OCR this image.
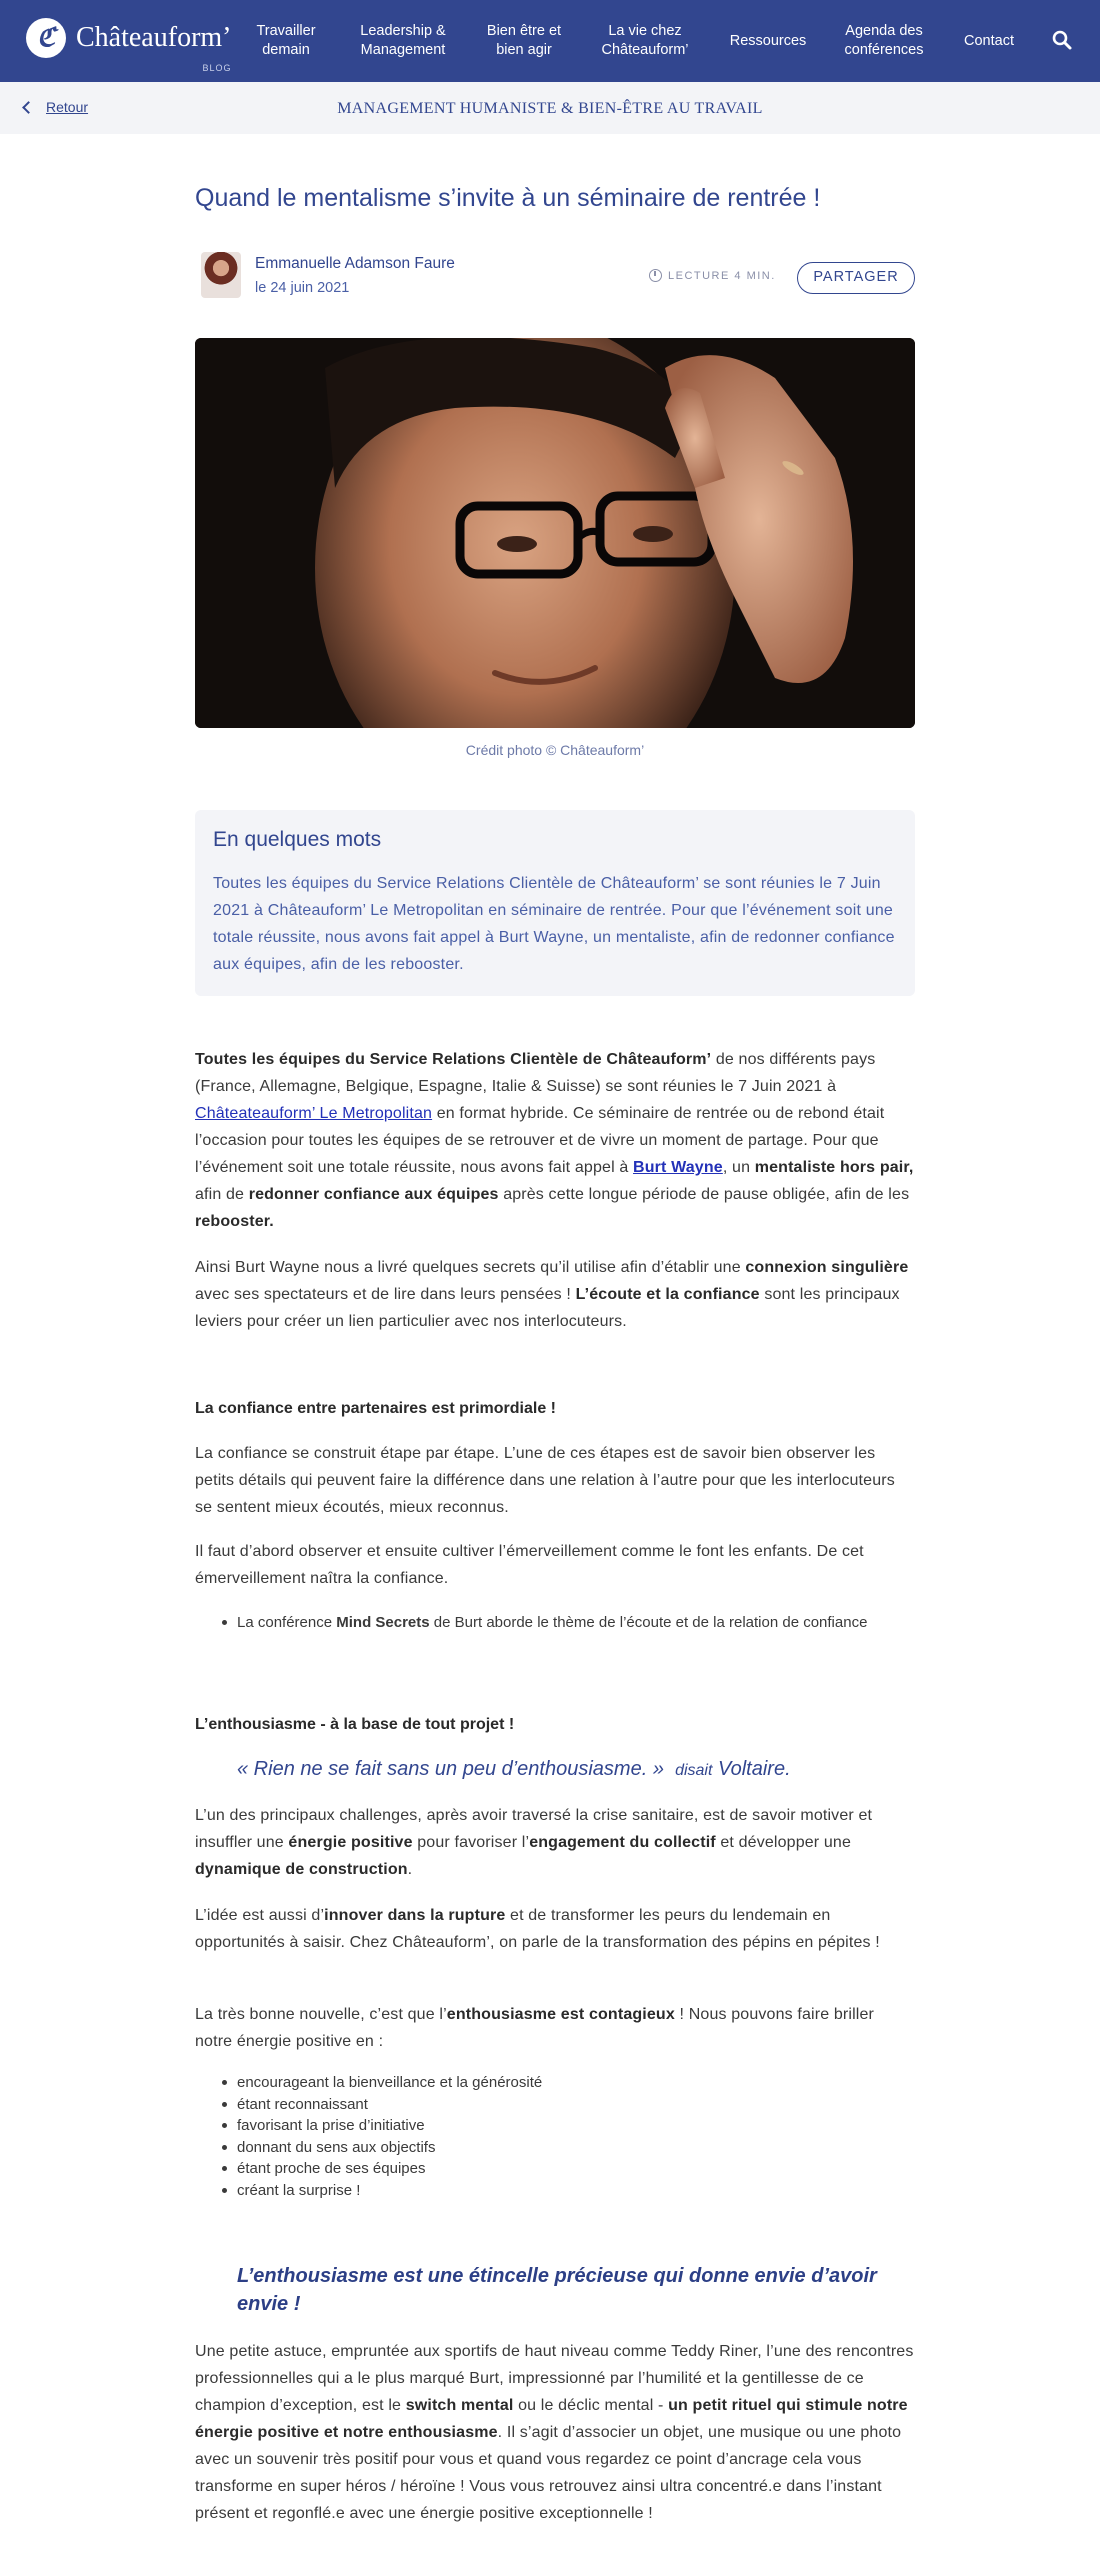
ℭ Châteauform’
BLOG
Travailler demain
Leadership & Management
Bien être et bien agir
La vie chez Châteauform’
Ressources
Agenda des conférences
Contact
Retour	MANAGEMENT HUMANISTE & BIEN-ÊTRE AU TRAVAIL
Quand le mentalisme s’invite à un séminaire de rentrée !
Emmanuelle Adamson Faure
le 24 juin 2021
LECTURE 4 MIN.	PARTAGER
Crédit photo © Châteauform’
En quelques mots
Toutes les équipes du Service Relations Clientèle de Châteauform’ se sont réunies le 7 Juin 2021 à Châteauform’ Le Metropolitan en séminaire de rentrée. Pour que l’événement soit une totale réussite, nous avons fait appel à Burt Wayne, un mentaliste, afin de redonner confiance aux équipes, afin de les rebooster.
Toutes les équipes du Service Relations Clientèle de Châteauform’ de nos différents pays (France, Allemagne, Belgique, Espagne, Italie & Suisse) se sont réunies le 7 Juin 2021 à Châteateauform’ Le Metropolitan en format hybride. Ce séminaire de rentrée ou de rebond était l’occasion pour toutes les équipes de se retrouver et de vivre un moment de partage. Pour que l’événement soit une totale réussite, nous avons fait appel à Burt Wayne, un mentaliste hors pair, afin de redonner confiance aux équipes après cette longue période de pause obligée, afin de les rebooster.
Ainsi Burt Wayne nous a livré quelques secrets qu’il utilise afin d’établir une connexion singulière avec ses spectateurs et de lire dans leurs pensées ! L’écoute et la confiance sont les principaux leviers pour créer un lien particulier avec nos interlocuteurs.
La confiance entre partenaires est primordiale !
La confiance se construit étape par étape. L’une de ces étapes est de savoir bien observer les petits détails qui peuvent faire la différence dans une relation à l’autre pour que les interlocuteurs se sentent mieux écoutés, mieux reconnus.
Il faut d’abord observer et ensuite cultiver l’émerveillement comme le font les enfants. De cet émerveillement naîtra la confiance.
La conférence Mind Secrets de Burt aborde le thème de l’écoute et de la relation de confiance
L’enthousiasme - à la base de tout projet !
« Rien ne se fait sans un peu d’enthousiasme. » disait Voltaire.
L’un des principaux challenges, après avoir traversé la crise sanitaire, est de savoir motiver et insuffler une énergie positive pour favoriser l’engagement du collectif et développer une dynamique de construction.
L’idée est aussi d’innover dans la rupture et de transformer les peurs du lendemain en opportunités à saisir. Chez Châteauform’, on parle de la transformation des pépins en pépites !
La très bonne nouvelle, c’est que l’enthousiasme est contagieux ! Nous pouvons faire briller notre énergie positive en :
encourageant la bienveillance et la générosité
étant reconnaissant
favorisant la prise d’initiative
donnant du sens aux objectifs
étant proche de ses équipes
créant la surprise !
L’enthousiasme est une étincelle précieuse qui donne envie d’avoir envie !
Une petite astuce, empruntée aux sportifs de haut niveau comme Teddy Riner, l’une des rencontres professionnelles qui a le plus marqué Burt, impressionné par l’humilité et la gentillesse de ce champion d’exception, est le switch mental ou le déclic mental - un petit rituel qui stimule notre énergie positive et notre enthousiasme. Il s’agit d’associer un objet, une musique ou une photo avec un souvenir très positif pour vous et quand vous regardez ce point d’ancrage cela vous transforme en super héros / héroïne ! Vous vous retrouvez ainsi ultra concentré.e dans l’instant présent et regonflé.e avec une énergie positive exceptionnelle !
